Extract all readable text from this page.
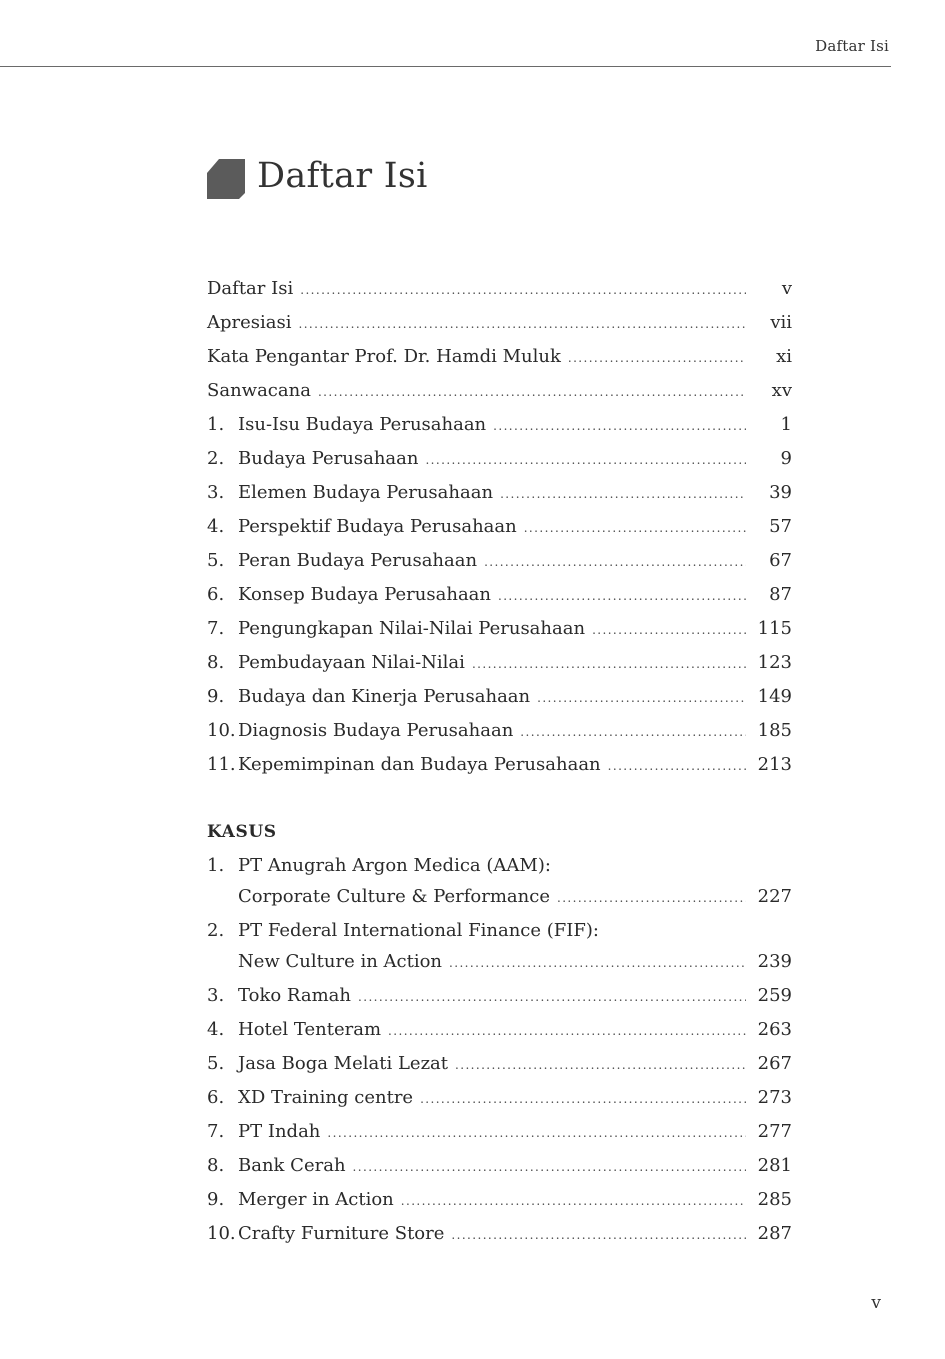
Daftar Isi
Daftar Isi
Daftar Isi .....	v
Apresiasi .....	vii
Kata Pengantar Prof. Dr. Hamdi Muluk .....	xi
Sanwacana .....	xv
1. Isu-Isu Budaya Perusahaan .....	1
2. Budaya Perusahaan .....	9
3. Elemen Budaya Perusahaan .....	39
4. Perspektif Budaya Perusahaan .....	57
5. Peran Budaya Perusahaan .....	67
6. Konsep Budaya Perusahaan .....	87
7. Pengungkapan Nilai-Nilai Perusahaan .....	115
8. Pembudayaan Nilai-Nilai .....	123
9. Budaya dan Kinerja Perusahaan .....	149
10. Diagnosis Budaya Perusahaan .....	185
11. Kepemimpinan dan Budaya Perusahaan .....	213
KASUS
1. PT Anugrah Argon Medica (AAM):
Corporate Culture & Performance .....	227
2. PT Federal International Finance (FIF):
New Culture in Action .....	239
3. Toko Ramah .....	259
4. Hotel Tenteram .....	263
5. Jasa Boga Melati Lezat .....	267
6. XD Training centre .....	273
7. PT Indah .....	277
8. Bank Cerah .....	281
9. Merger in Action .....	285
10. Crafty Furniture Store .....	287
v
